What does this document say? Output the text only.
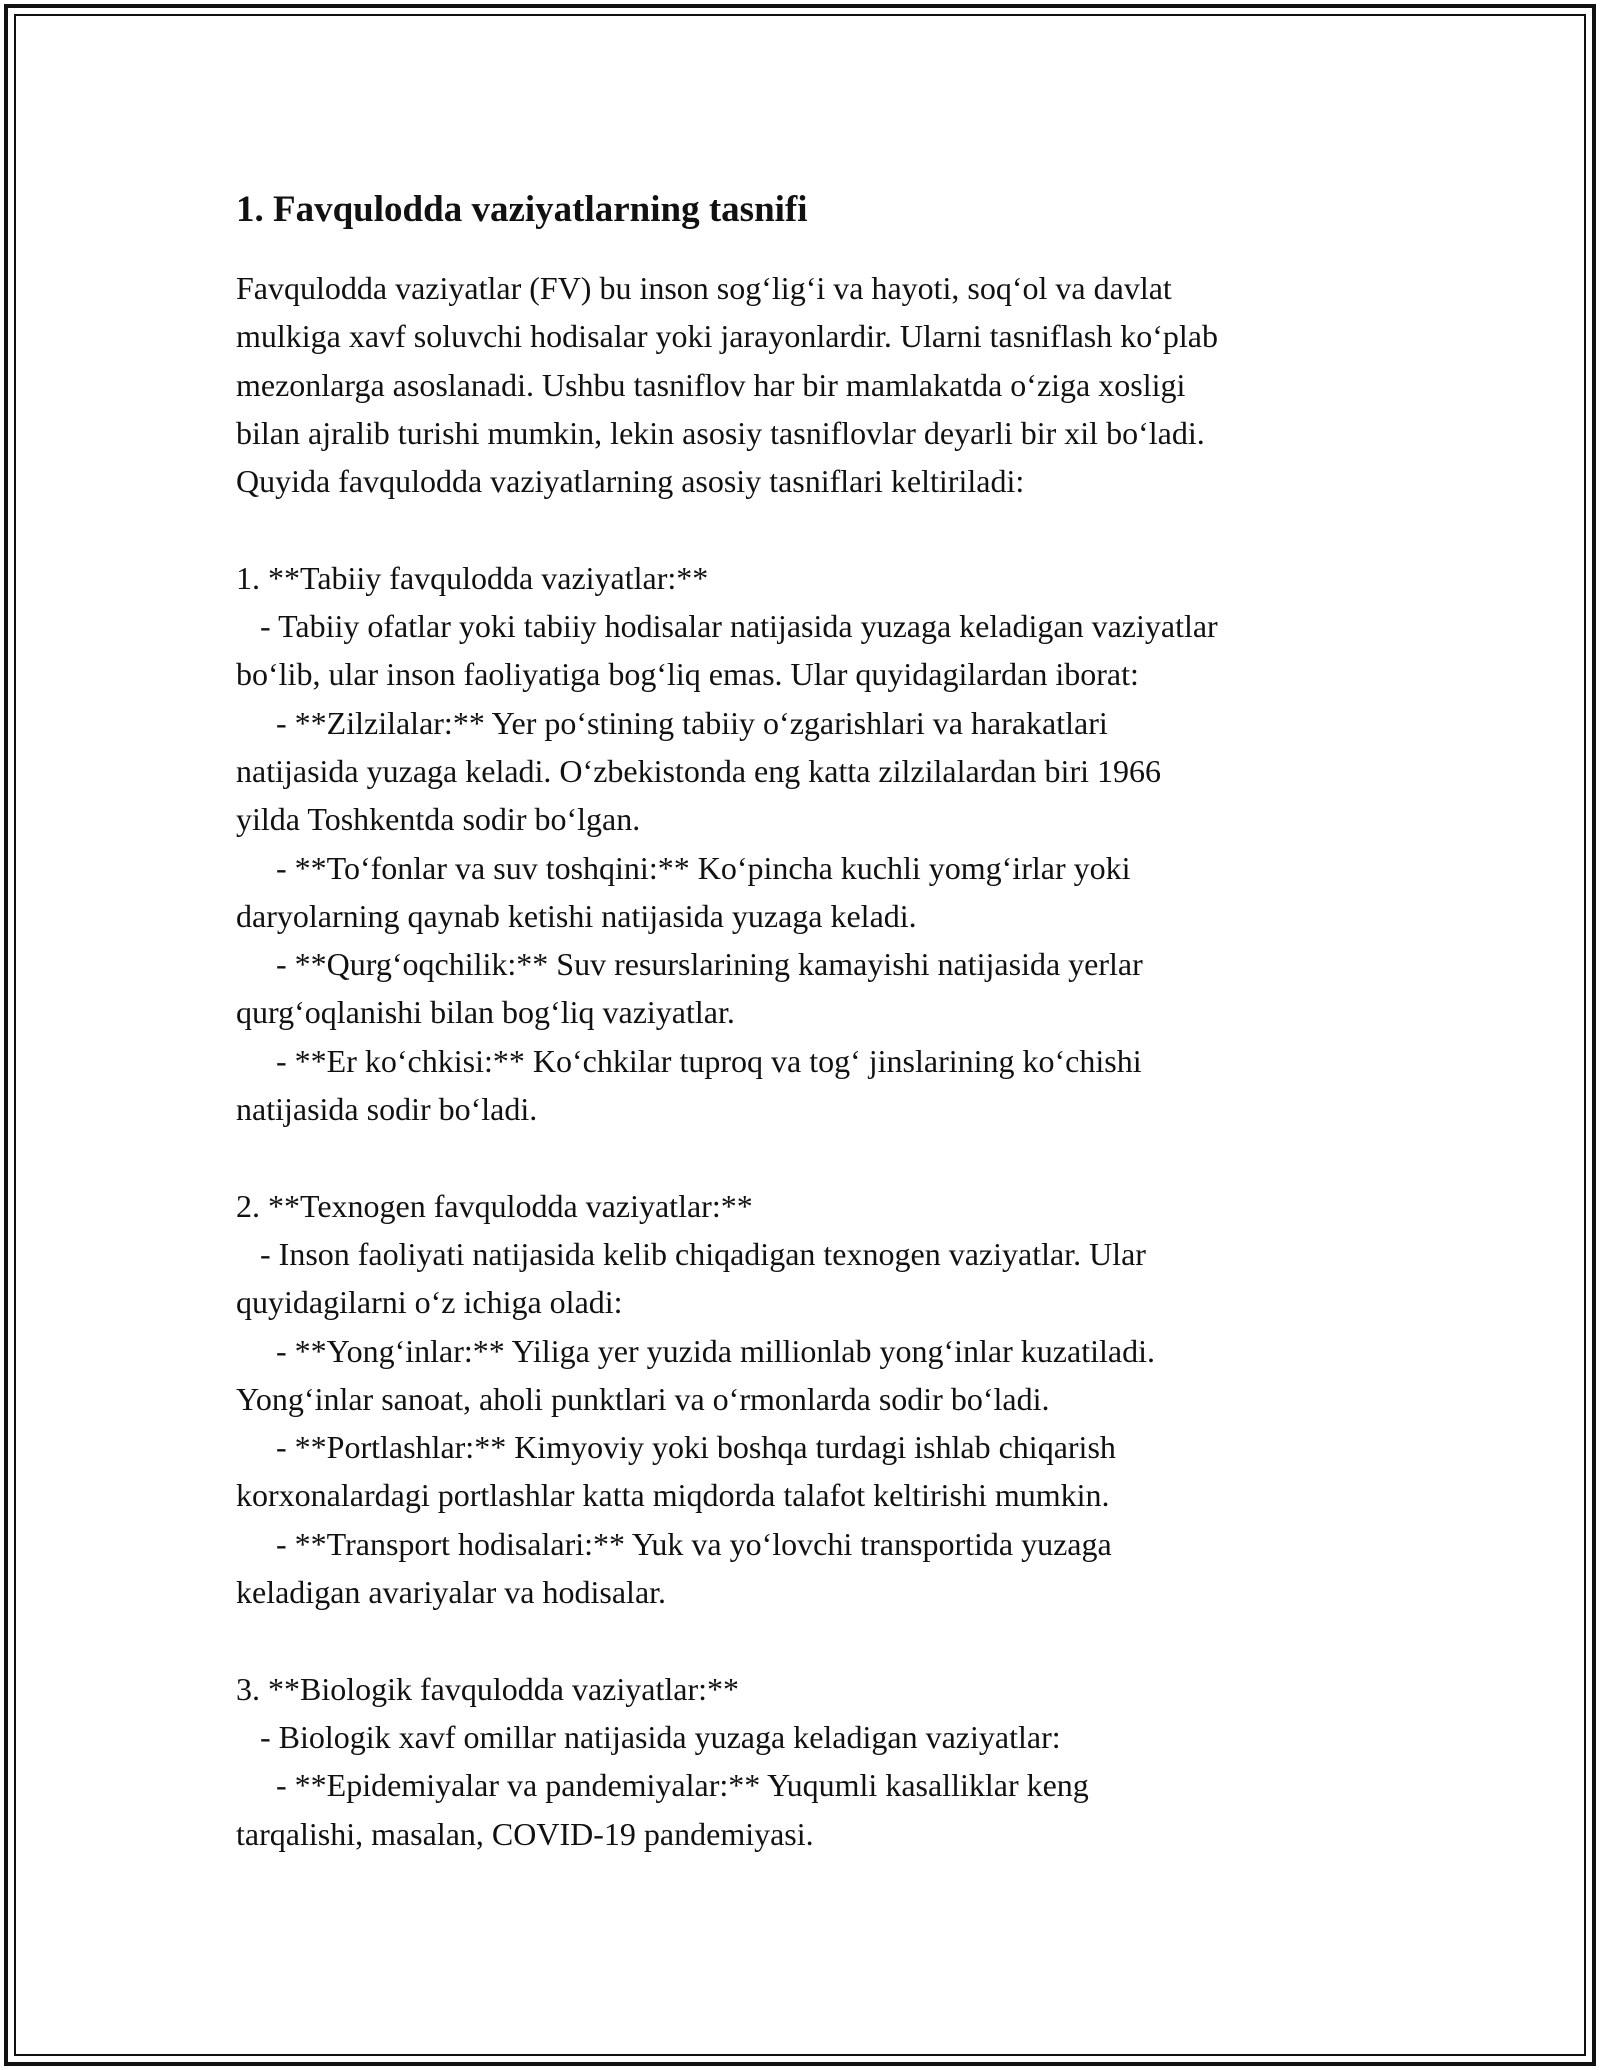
1. Favqulodda vaziyatlarning tasnifi

Favqulodda vaziyatlar (FV) bu inson sog‘lig‘i va hayoti, soq‘ol va davlat
mulkiga xavf soluvchi hodisalar yoki jarayonlardir. Ularni tasniflash ko‘plab
mezonlarga asoslanadi. Ushbu tasniflov har bir mamlakatda o‘ziga xosligi
bilan ajralib turishi mumkin, lekin asosiy tasniflovlar deyarli bir xil bo‘ladi.
Quyida favqulodda vaziyatlarning asosiy tasniflari keltiriladi:

1. **Tabiiy favqulodda vaziyatlar:**
- Tabiiy ofatlar yoki tabiiy hodisalar natijasida yuzaga keladigan vaziyatlar
bo‘lib, ular inson faoliyatiga bog‘liq emas. Ular quyidagilardan iborat:
- **Zilzilalar:** Yer po‘stining tabiiy o‘zgarishlari va harakatlari
natijasida yuzaga keladi. O‘zbekistonda eng katta zilzilalardan biri 1966
yilda Toshkentda sodir bo‘lgan.
- **To‘fonlar va suv toshqini:** Ko‘pincha kuchli yomg‘irlar yoki
daryolarning qaynab ketishi natijasida yuzaga keladi.
- **Qurg‘oqchilik:** Suv resurslarining kamayishi natijasida yerlar
qurg‘oqlanishi bilan bog‘liq vaziyatlar.
- **Er ko‘chkisi:** Ko‘chkilar tuproq va tog‘ jinslarining ko‘chishi
natijasida sodir bo‘ladi.

2. **Texnogen favqulodda vaziyatlar:**
- Inson faoliyati natijasida kelib chiqadigan texnogen vaziyatlar. Ular
quyidagilarni o‘z ichiga oladi:
- **Yong‘inlar:** Yiliga yer yuzida millionlab yong‘inlar kuzatiladi.
Yong‘inlar sanoat, aholi punktlari va o‘rmonlarda sodir bo‘ladi.
- **Portlashlar:** Kimyoviy yoki boshqa turdagi ishlab chiqarish
korxonalardagi portlashlar katta miqdorda talafot keltirishi mumkin.
- **Transport hodisalari:** Yuk va yo‘lovchi transportida yuzaga
keladigan avariyalar va hodisalar.

3. **Biologik favqulodda vaziyatlar:**
- Biologik xavf omillar natijasida yuzaga keladigan vaziyatlar:
- **Epidemiyalar va pandemiyalar:** Yuqumli kasalliklar keng
tarqalishi, masalan, COVID-19 pandemiyasi.
